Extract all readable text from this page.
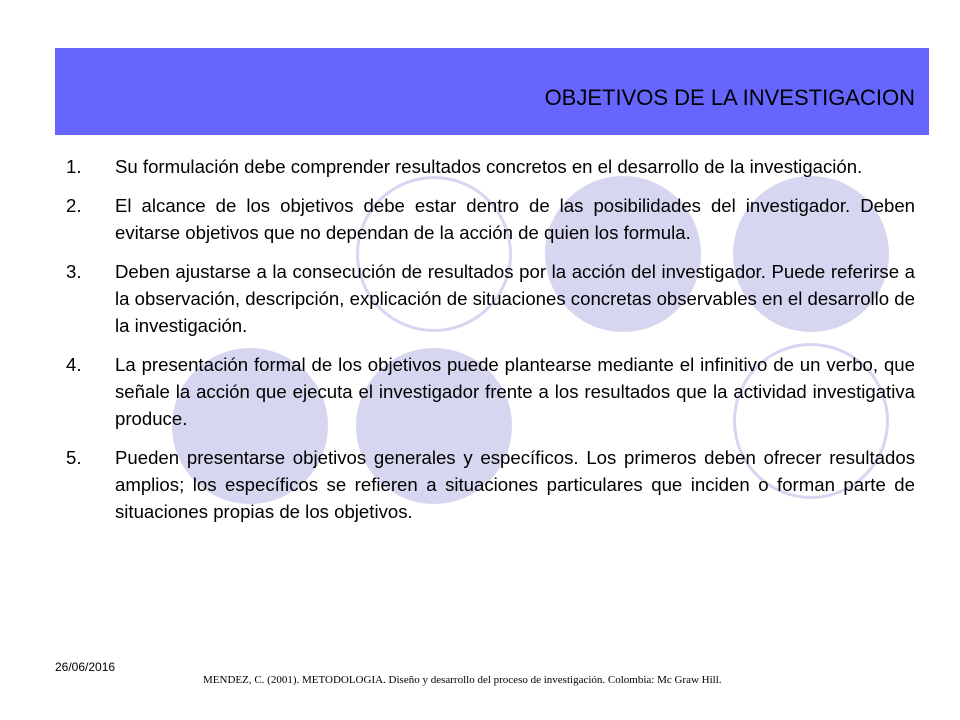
OBJETIVOS DE LA INVESTIGACION
1. Su formulación debe comprender resultados concretos en el desarrollo de la investigación.
2. El alcance de los objetivos debe estar dentro de las posibilidades del investigador. Deben evitarse objetivos que no dependan de la acción de quien los formula.
3. Deben ajustarse a la consecución de resultados por la acción del investigador. Puede referirse a la observación, descripción, explicación de situaciones concretas observables en el desarrollo de la investigación.
4. La presentación formal de los objetivos puede plantearse mediante el infinitivo de un verbo, que señale la acción que ejecuta el investigador frente a los resultados que la actividad investigativa produce.
5. Pueden presentarse objetivos generales y específicos. Los primeros deben ofrecer resultados amplios; los específicos se refieren a situaciones particulares que inciden o forman parte de situaciones propias de los objetivos.
26/06/2016
MENDEZ, C. (2001). METODOLOGIA. Diseño y desarrollo del proceso de investigación. Colombia: Mc Graw Hill.
